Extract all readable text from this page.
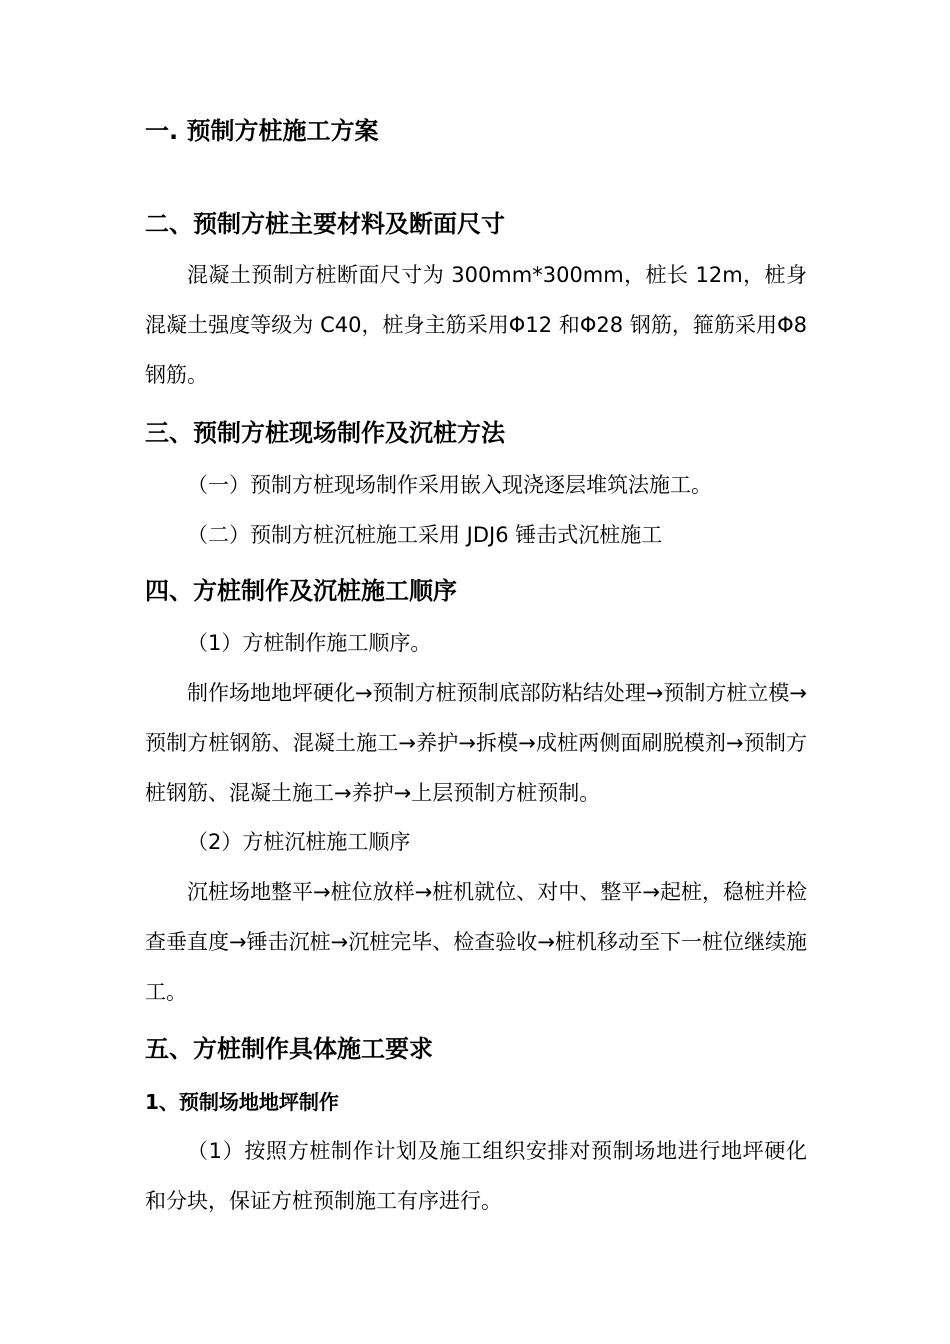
一. 预制方桩施工方案
二、预制方桩主要材料及断面尺寸
混凝土预制方桩断面尺寸为 300mm*300mm，桩长 12m，桩身混凝土强度等级为 C40，桩身主筋采用Φ12 和Φ28 钢筋，箍筋采用Φ8 钢筋。
三、预制方桩现场制作及沉桩方法
（一）预制方桩现场制作采用嵌入现浇逐层堆筑法施工。
（二）预制方桩沉桩施工采用 JDJ6 锤击式沉桩施工
四、方桩制作及沉桩施工顺序
（1）方桩制作施工顺序。
制作场地地坪硬化→预制方桩预制底部防粘结处理→预制方桩立模→预制方桩钢筋、混凝土施工→养护→拆模→成桩两侧面刷脱模剂→预制方桩钢筋、混凝土施工→养护→上层预制方桩预制。
（2）方桩沉桩施工顺序
沉桩场地整平→桩位放样→桩机就位、对中、整平→起桩，稳桩并检查垂直度→锤击沉桩→沉桩完毕、检查验收→桩机移动至下一桩位继续施工。
五、方桩制作具体施工要求
1、预制场地地坪制作
（1）按照方桩制作计划及施工组织安排对预制场地进行地坪硬化和分块，保证方桩预制施工有序进行。
